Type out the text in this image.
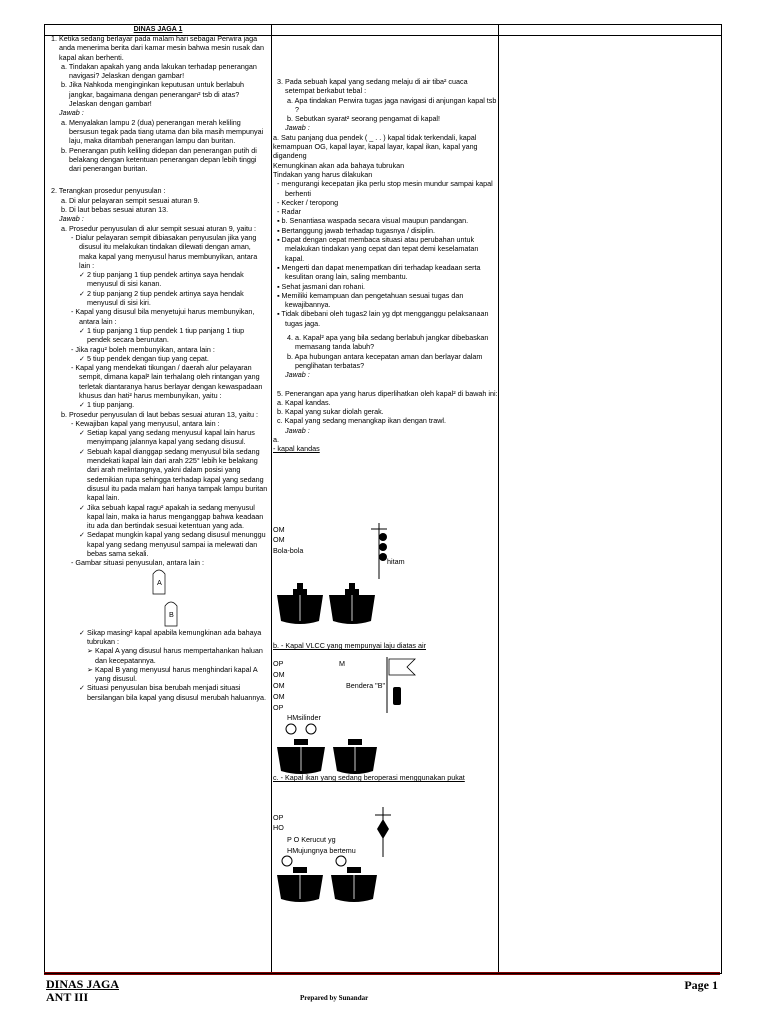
DINAS JAGA 1

1. Ketika sedang berlayar pada malam hari sebagai Perwira jaga anda menerima berita dari kamar mesin bahwa mesin rusak dan kapal akan berhenti.

a. Tindakan apakah yang anda lakukan terhadap penerangan navigasi? Jelaskan dengan gambar!

b. Jika Nahkoda menginginkan keputusan untuk berlabuh jangkar, bagaimana dengan penerangan² tsb di atas? Jelaskan dengan gambar!

Jawab :

a. Menyalakan lampu 2 (dua) penerangan merah keliling bersusun tegak pada tiang utama dan bila masih mempunyai laju, maka ditambah penerangan lampu dan buritan.

b. Penerangan putih keliling didepan dan penerangan putih di belakang dengan ketentuan penerangan depan lebih tinggi dari penerangan buritan.

2. Terangkan prosedur penyusulan :

a. Di alur pelayaran sempit sesuai aturan 9.

b. Di laut bebas sesuai aturan 13.

Jawab :

a. Prosedur penyusulan di alur sempit sesuai aturan 9, yaitu :

- Dialur pelayaran sempit dibiasakan penyusulan jika yang disusul itu melakukan tindakan dilewati dengan aman, maka kapal yang menyusul harus membunyikan, antara lain :

✓ 2 tiup panjang 1 tiup pendek artinya saya hendak menyusul di sisi kanan.

✓ 2 tiup panjang 2 tiup pendek artinya saya hendak menyusul di sisi kiri.

- Kapal yang disusul bila menyetujui harus membunyikan, antara lain :

✓ 1 tiup panjang 1 tiup pendek 1 tiup panjang 1 tiup pendek secara berurutan.

- Jika ragu² boleh membunyikan, antara lain :

✓ 5 tiup pendek dengan tiup yang cepat.

- Kapal yang mendekati tikungan / daerah alur pelayaran sempit, dimana kapal² lain terhalang oleh rintangan yang terletak diantaranya harus berlayar dengan kewaspadaan khusus dan hati² harus membunyikan, yaitu :

✓ 1 tiup panjang.

b. Prosedur penyusulan di laut bebas sesuai aturan 13, yaitu :

- Kewajiban kapal yang menyusul, antara lain :

✓ Setiap kapal yang sedang menyusul kapal lain harus menyimpang jalannya kapal yang sedang disusul.

✓ Sebuah kapal dianggap sedang menyusul bila sedang mendekati kapal lain dari arah 225° lebih ke belakang dari arah melintangnya, yakni dalam posisi yang sedemikian rupa sehingga terhadap kapal yang sedang disusul itu pada malam hari hanya tampak lampu buritan kapal lain.

✓ Jika sebuah kapal ragu² apakah ia sedang menyusul kapal lain, maka ia harus menganggap bahwa keadaan itu ada dan bertindak sesuai ketentuan yang ada.

✓ Sedapat mungkin kapal yang sedang disusul menunggu kapal yang sedang menyusul sampai ia melewati dan bebas sama sekali.

- Gambar situasi penyusulan, antara lain :

A
B

✓ Sikap masing² kapal apabila kemungkinan ada bahaya tubrukan :

➢ Kapal A yang disusul harus mempertahankan haluan dan kecepatannya.

➢ Kapal B yang menyusul harus menghindari kapal A yang disusul.

✓ Situasi penyusulan bisa berubah menjadi situasi bersilangan bila kapal yang disusul merubah haluannya.

3. Pada sebuah kapal yang sedang melaju di air tiba² cuaca setempat berkabut tebal :

a. Apa tindakan Perwira tugas jaga navigasi di anjungan kapal tsb ?

b. Sebutkan syarat² seorang pengamat di kapal!

Jawab :

a. Satu panjang dua pendek ( _ . . ) kapal tidak terkendali, kapal kemampuan OG, kapal layar, kapal layar, kapal ikan, kapal yang digandeng

Kemungkinan akan ada bahaya tubrukan

Tindakan yang harus dilakukan

- mengurangi kecepatan jika perlu stop mesin mundur sampai kapal berhenti

- Kecker / teropong

- Radar

▪ b. Senantiasa waspada secara visual maupun pandangan.

▪ Bertanggung jawab terhadap tugasnya / disiplin.

▪ Dapat dengan cepat membaca situasi atau perubahan untuk melakukan tindakan yang cepat dan tepat demi keselamatan kapal.

▪ Mengerti dan dapat menempatkan diri terhadap keadaan serta kesulitan orang lain, saling membantu.

▪ Sehat jasmani dan rohani.

▪ Memiliki kemampuan dan pengetahuan sesuai tugas dan kewajibannya.

▪ Tidak dibebani oleh tugas2 lain yg dpt mengganggu pelaksanaan tugas jaga.

4. a. Kapal² apa yang bila sedang berlabuh jangkar dibebaskan memasang tanda labuh?

b. Apa hubungan antara kecepatan aman dan berlayar dalam penglihatan terbatas?

Jawab :

5. Penerangan apa yang harus diperlihatkan oleh kapal² di bawah ini:

a. Kapal kandas.

b. Kapal yang sukar diolah gerak.

c. Kapal yang sedang menangkap ikan dengan trawl.

Jawab :

a.

- kapal kandas

OM
OM
Bola-bola
hitam
b. - Kapal VLCC yang mempunyai laju diatas air
OP	M
OM
OM	Bendera "B"
OM
OP
HMsilinder
c. - Kapal ikan yang sedang beroperasi menggunakan pukat
OP
HO
P O Kerucut yg
HMujungnya bertemu
DINAS JAGA
ANT III
Page 1
Prepared by Sunandar
